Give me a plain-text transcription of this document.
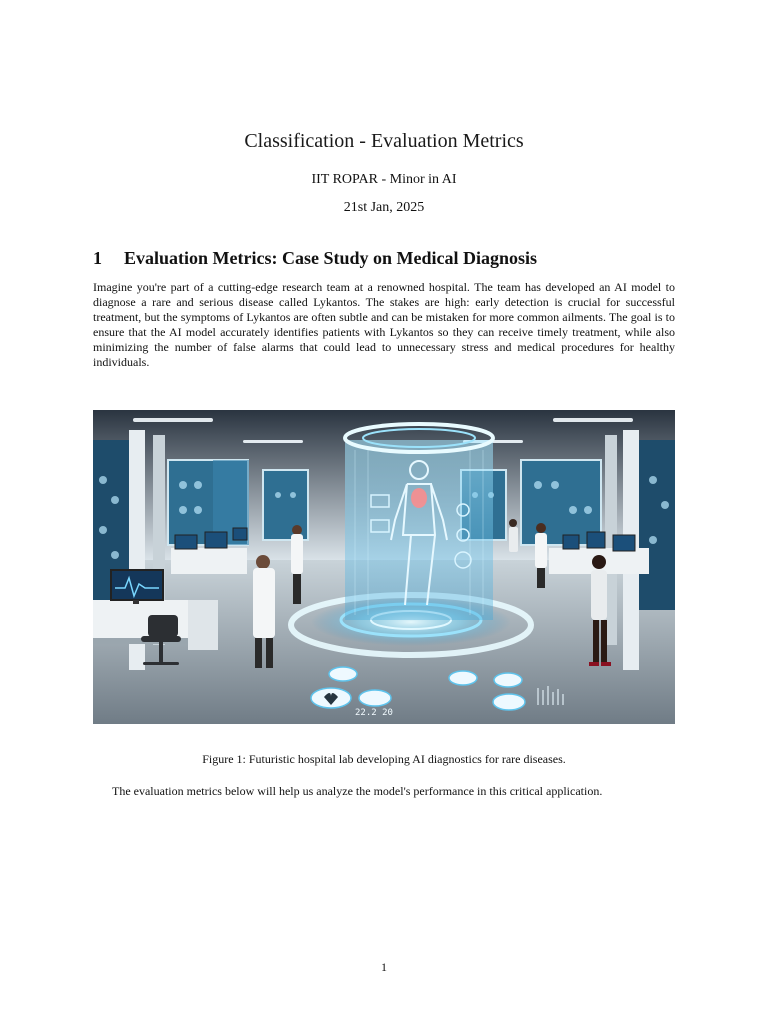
Classification - Evaluation Metrics
IIT ROPAR - Minor in AI
21st Jan, 2025
1 Evaluation Metrics: Case Study on Medical Diagnosis
Imagine you're part of a cutting-edge research team at a renowned hospital. The team has developed an AI model to diagnose a rare and serious disease called Lykantos. The stakes are high: early detection is crucial for successful treatment, but the symptoms of Lykantos are often subtle and can be mistaken for more common ailments. The goal is to ensure that the AI model accurately identifies patients with Lykantos so they can receive timely treatment, while also minimizing the number of false alarms that could lead to unnecessary stress and medical procedures for healthy individuals.
22.2 20
Figure 1: Futuristic hospital lab developing AI diagnostics for rare diseases.
The evaluation metrics below will help us analyze the model's performance in this critical application.
1
